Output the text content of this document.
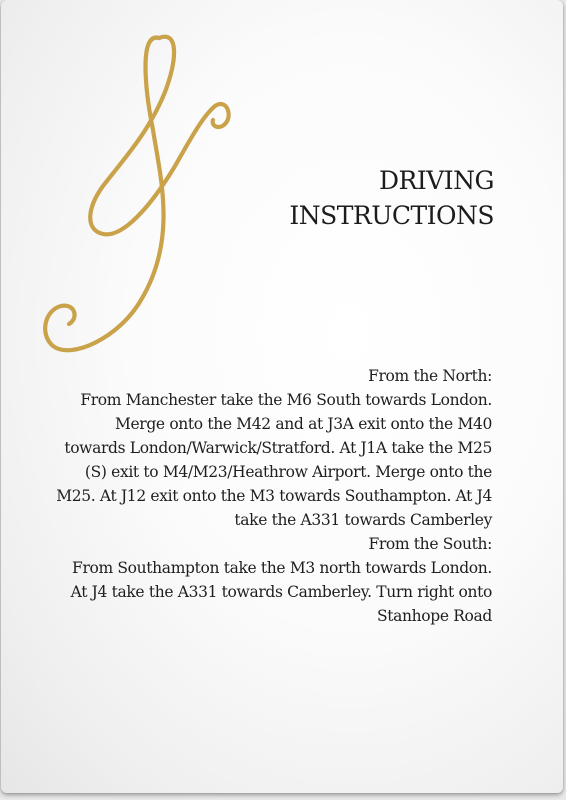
DRIVING
INSTRUCTIONS
From the North:
From Manchester take the M6 South towards London.
Merge onto the M42 and at J3A exit onto the M40
towards London/Warwick/Stratford. At J1A take the M25
(S) exit to M4/M23/Heathrow Airport. Merge onto the
M25. At J12 exit onto the M3 towards Southampton. At J4
take the A331 towards Camberley
From the South:
From Southampton take the M3 north towards London.
At J4 take the A331 towards Camberley. Turn right onto
Stanhope Road
